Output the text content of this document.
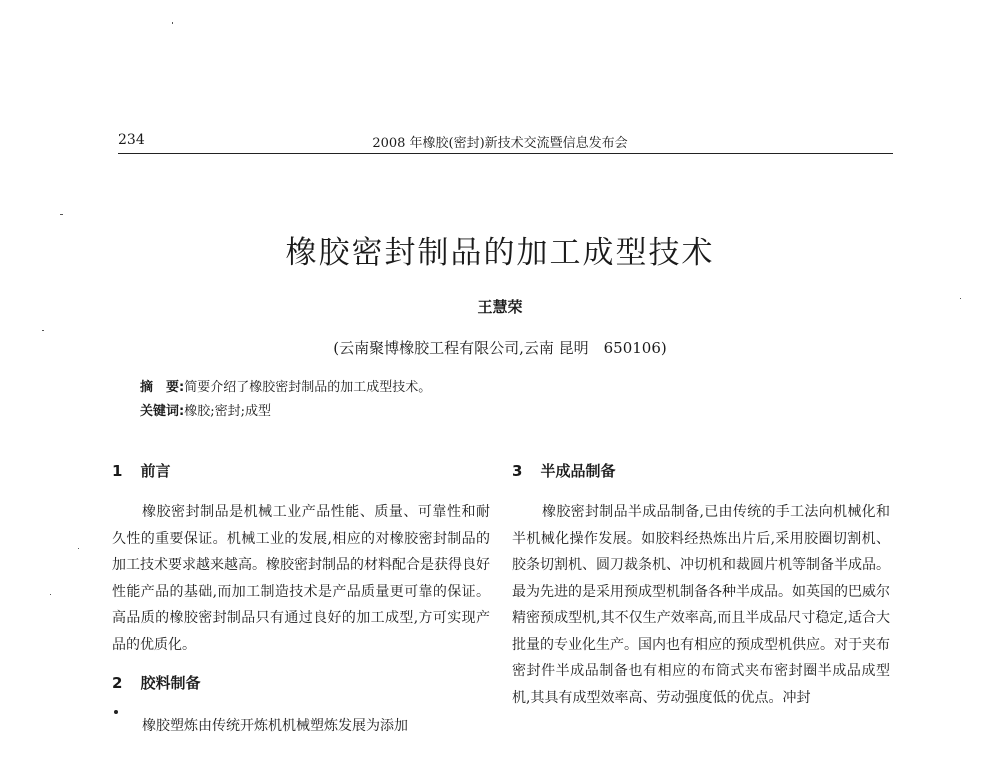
234	2008 年橡胶(密封)新技术交流暨信息发布会
橡胶密封制品的加工成型技术
王慧荣
(云南聚博橡胶工程有限公司,云南 昆明　650106)
摘　要:简要介绍了橡胶密封制品的加工成型技术。
关键词:橡胶;密封;成型
1 前言

橡胶密封制品是机械工业产品性能、质量、可靠性和耐久性的重要保证。机械工业的发展,相应的对橡胶密封制品的加工技术要求越来越高。橡胶密封制品的材料配合是获得良好性能产品的基础,而加工制造技术是产品质量更可靠的保证。高品质的橡胶密封制品只有通过良好的加工成型,方可实现产品的优质化。

2 胶料制备

橡胶塑炼由传统开炼机机械塑炼发展为添加

3 半成品制备

橡胶密封制品半成品制备,已由传统的手工法向机械化和半机械化操作发展。如胶料经热炼出片后,采用胶圈切割机、胶条切割机、圆刀裁条机、冲切机和裁圆片机等制备半成品。最为先进的是采用预成型机制备各种半成品。如英国的巴威尔精密预成型机,其不仅生产效率高,而且半成品尺寸稳定,适合大批量的专业化生产。国内也有相应的预成型机供应。对于夹布密封件半成品制备也有相应的布筒式夹布密封圈半成品成型机,其具有成型效率高、劳动强度低的优点。冲封
